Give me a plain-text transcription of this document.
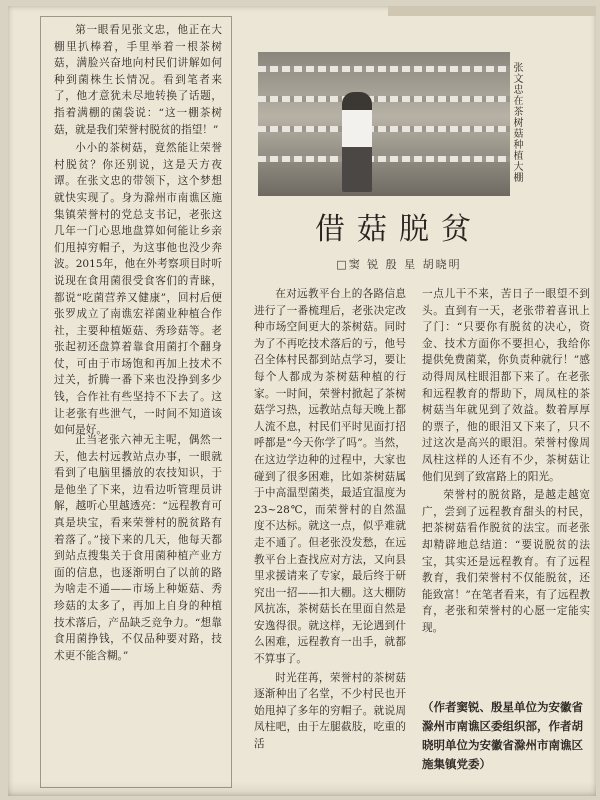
第一眼看见张文忠，他正在大棚里扒棒着，手里举着一根茶树菇，满脸兴奋地向村民们讲解如何种到菌株生长情况。看到笔者来了，他才意犹未尽地转换了话题，指着满棚的菌袋说：“这一棚茶树菇，就是我们荣誉村脱贫的指望！”

小小的茶树菇，竟然能让荣誉村脱贫？你还别说，这是天方夜谭。在张文忠的带领下，这个梦想就快实现了。身为滁州市南谯区施集镇荣誉村的党总支书记，老张这几年一门心思地盘算如何能让乡亲们甩掉穷帽子，为这事他也没少奔波。2015年，他在外考察项目时听说现在食用菌很受食客们的青睐，都说“吃菌营养又健康”，回村后便张罗成立了南谯宏祥菌业种植合作社，主要种植姬菇、秀珍菇等。老张起初还盘算着靠食用菌打个翻身仗，可由于市场饱和再加上技术不过关，折腾一番下来也没挣到多少钱，合作社有些坚持不下去了。这让老张有些泄气，一时间不知道该如何是好。

正当老张六神无主呢，偶然一天，他去村远教站点办事，一眼就看到了电脑里播放的农技知识，于是他坐了下来，边看边听管理员讲解，越听心里越透亮：“远程教育可真是块宝，看来荣誉村的脱贫路有着落了。”接下来的几天，他每天都到站点搜集关于食用菌种植产业方面的信息，也逐渐明白了以前的路为啥走不通——市场上种姬菇、秀珍菇的太多了，再加上自身的种植技术落后，产品缺乏竞争力。“想靠食用菌挣钱，不仅品种要对路，技术更不能含糊。”

张文忠在茶树菇种植大棚
借菇脱贫
□窦 锐 殷 星 胡晓明

在对远教平台上的各路信息进行了一番梳理后，老张决定改种市场空间更大的茶树菇。同时为了不再吃技术落后的亏，他号召全体村民都到站点学习，要让每个人都成为茶树菇种植的行家。一时间，荣誉村掀起了茶树菇学习热，远教站点每天晚上都人流不息，村民们平时见面打招呼都是“今天你学了吗”。当然，在这边学边种的过程中，大家也碰到了很多困难，比如茶树菇属于中高温型菌类，最适宜温度为23~28℃，而荣誉村的自然温度不达标。就这一点，似乎难就走不通了。但老张没发愁，在远教平台上查找应对方法，又向县里求援请来了专家，最后终于研究出一招——扣大棚。这大棚防风抗冻，茶树菇长在里面自然是安逸得很。就这样，无论遇到什么困难，远程教育一出手，就都不算事了。

时光荏苒，荣誉村的茶树菇逐渐种出了名堂，不少村民也开始甩掉了多年的穷帽子。就说周凤柱吧，由于左腿截肢，吃重的活

一点儿干不来，苦日子一眼望不到头。直到有一天，老张带着喜讯上了门：“只要你有脱贫的决心，资金、技术方面你不要担心，我给你提供免费菌菜，你负责种就行！”感动得周凤柱眼泪都下来了。在老张和远程教育的帮助下，周凤柱的茶树菇当年就见到了效益。数着厚厚的票子，他的眼泪又下来了，只不过这次是高兴的眼泪。荣誉村像周凤柱这样的人还有不少，茶树菇让他们见到了致富路上的阳光。

荣誉村的脱贫路，是越走越宽广，尝到了远程教育甜头的村民，把茶树菇看作脱贫的法宝。而老张却精辟地总结道：“要说脱贫的法宝，其实还是远程教育。有了远程教育，我们荣誉村不仅能脱贫，还能致富！”在笔者看来，有了远程教育，老张和荣誉村的心愿一定能实现。

（作者窦锐、殷星单位为安徽省滁州市南谯区委组织部，作者胡晓明单位为安徽省滁州市南谯区施集镇党委）
